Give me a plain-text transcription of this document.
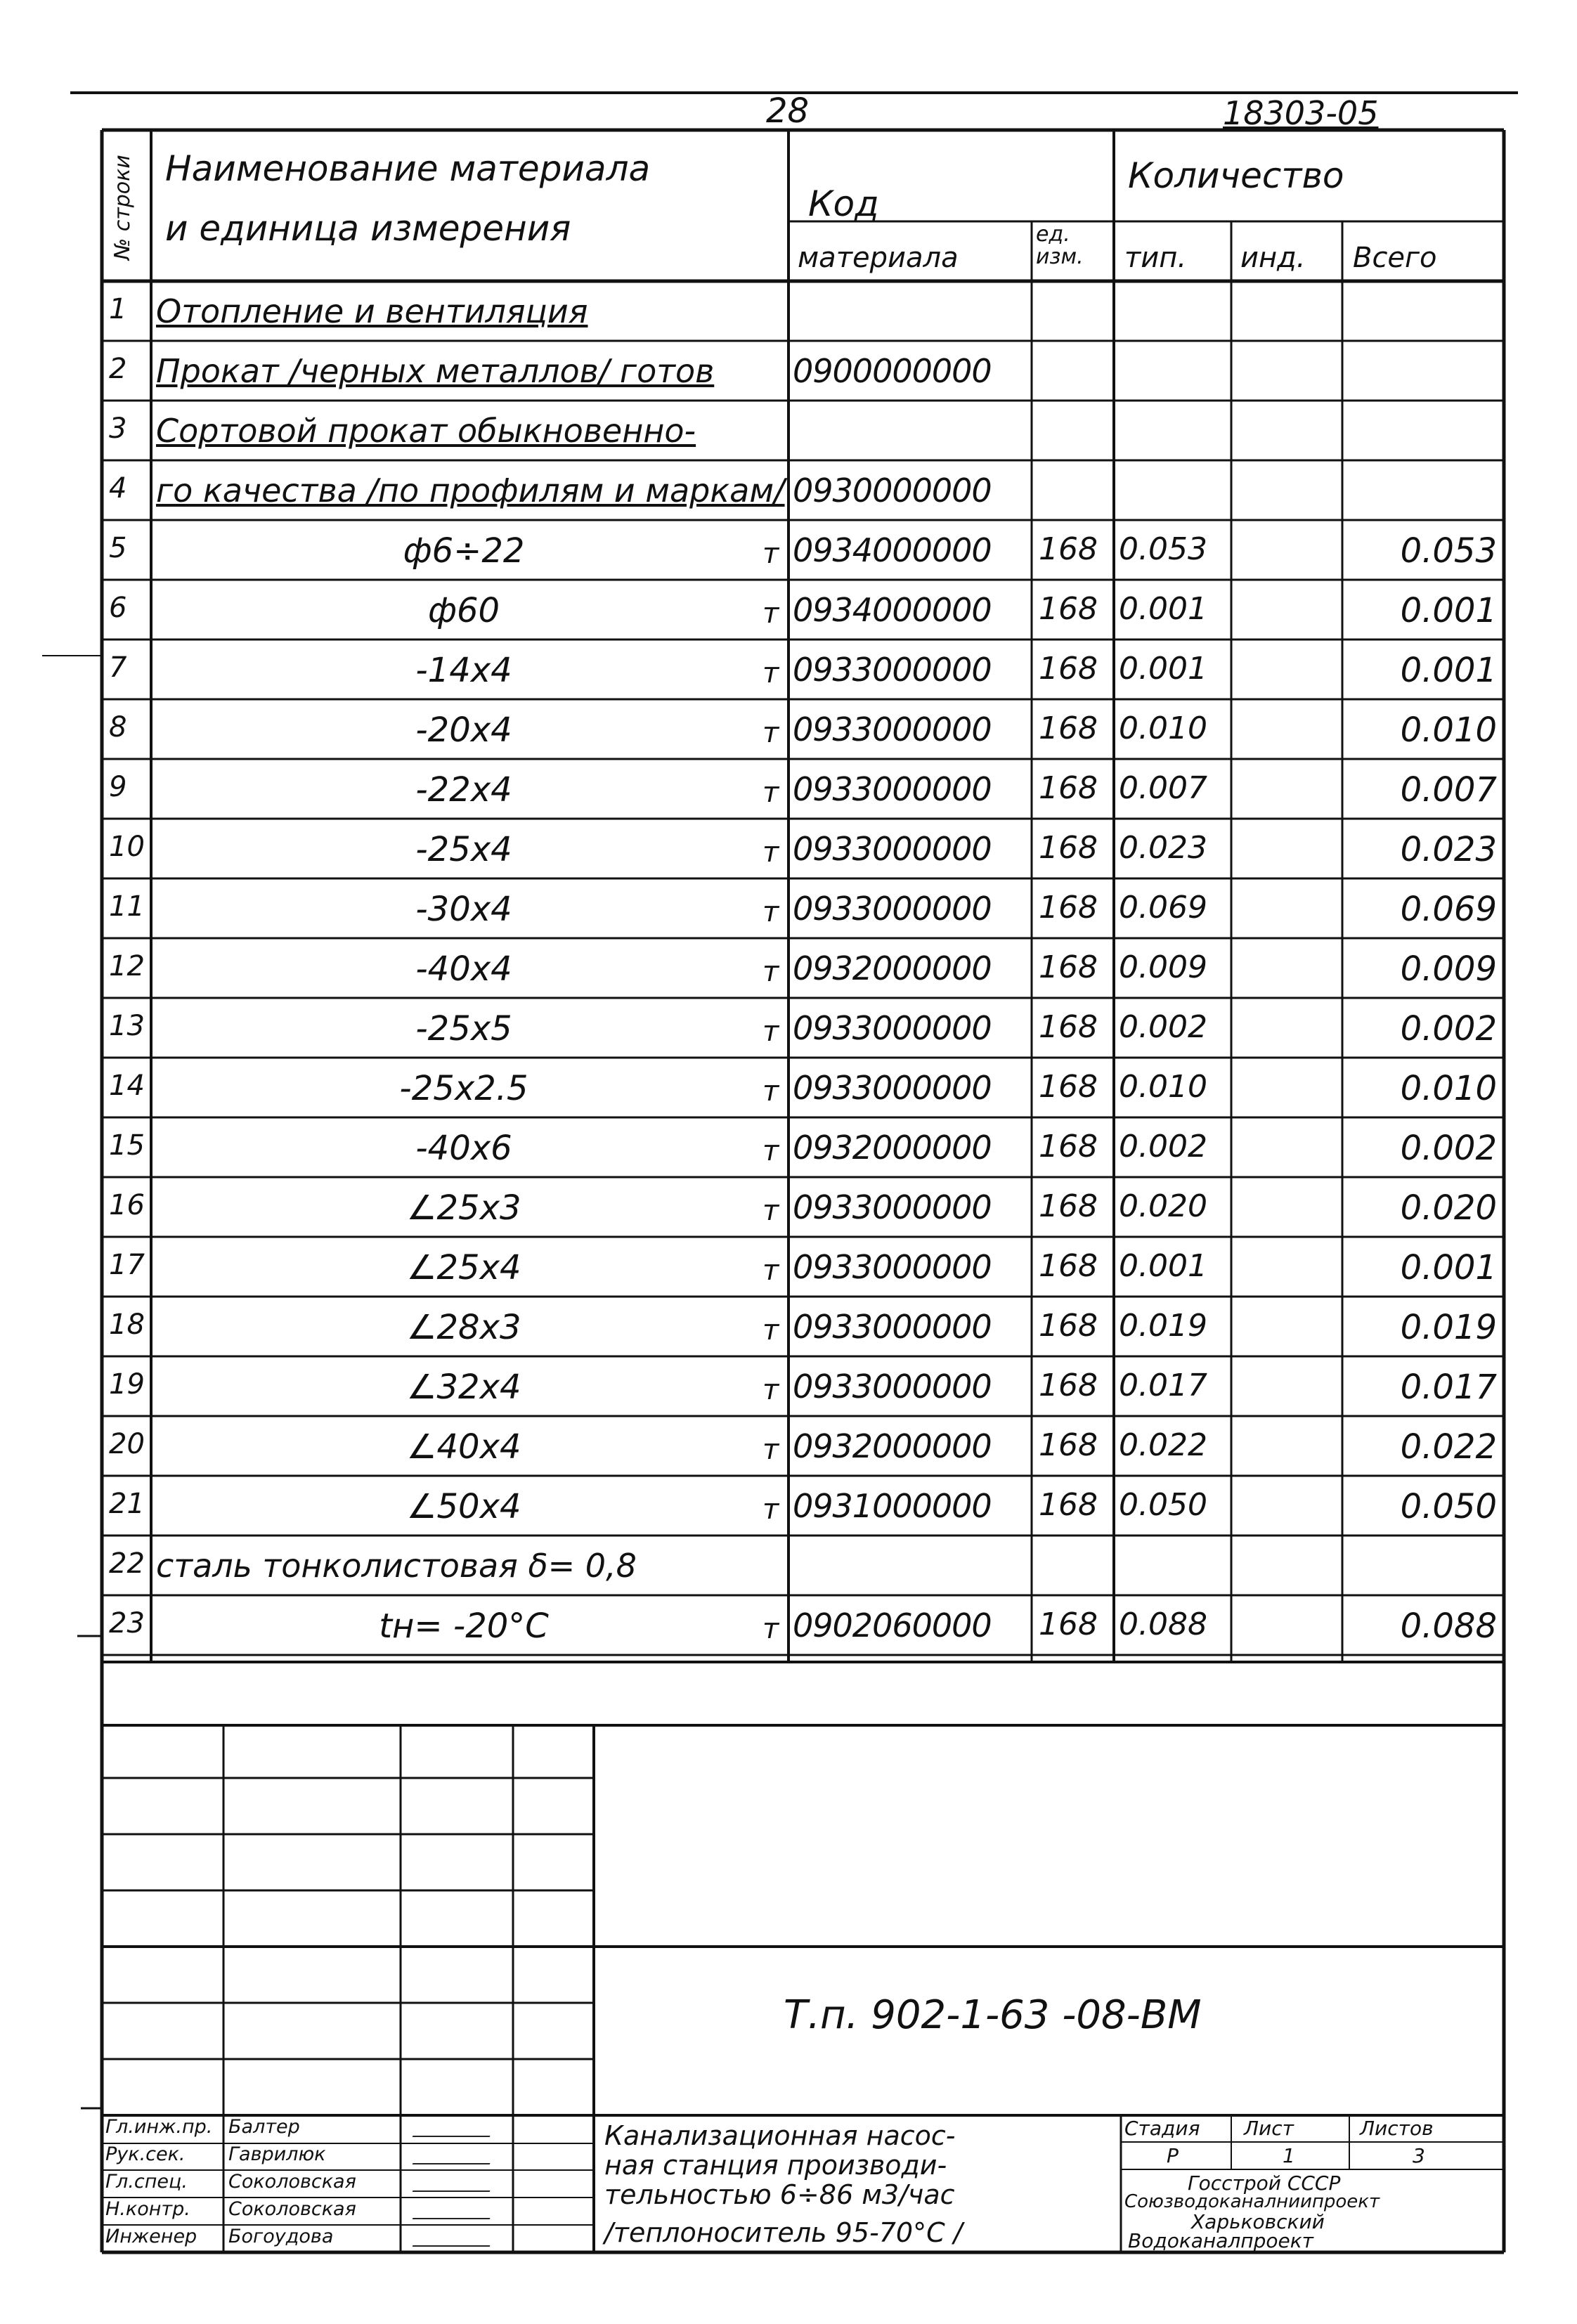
28	18303-05
№ строки Наименование материала
и единица измерения
Код
материала
ед. изм.
Количество
тип. инд. Всего
1 Отопление и вентиляция
2 Прокат /черных металлов/ готов 0900000000
3 Сортовой прокат обыкновенно-
4 го качества /по профилям и маркам/ 0930000000
5	ф6÷22	т 0934000000 168 0.053	0.053
6	ф60	т 0934000000 168 0.001	0.001
7	-14х4	т 0933000000 168 0.001	0.001
8	-20х4	т 0933000000 168 0.010	0.010
9	-22х4	т 0933000000 168 0.007	0.007
10	-25х4	т 0933000000 168 0.023	0.023
11	-30х4	т 0933000000 168 0.069	0.069
12	-40х4	т 0932000000 168 0.009	0.009
13	-25х5	т 0933000000 168 0.002	0.002
14	-25х2.5	т 0933000000 168 0.010	0.010
15	-40х6	т 0932000000 168 0.002	0.002
16	∠25х3	т 0933000000 168 0.020	0.020
17	∠25х4	т 0933000000 168 0.001	0.001
18	∠28х3	т 0933000000 168 0.019	0.019
19	∠32х4	т 0933000000 168 0.017	0.017
20	∠40х4	т 0932000000 168 0.022	0.022
21	∠50х4	т 0931000000 168 0.050	0.050
22 сталь тонколистовая δ= 0,8
23	tн= -20°С	т 0902060000 168 0.088	0.088
Т.п. 902-1-63 -08-ВМ
Канализационная насос-
ная станция производи-
тельностью 6÷86 м3/час
/теплоноситель 95-70°С /
Стадия Лист	Листов
Р	1	3
Госстрой СССР
Союзводоканалниипроект
Харьковский
Водоканалпроект
Гл.инж.пр. Балтер
Рук.сек. Гаврилюк
Гл.спец. Соколовская
Н.контр. Соколовская
Инженер Богоудова
